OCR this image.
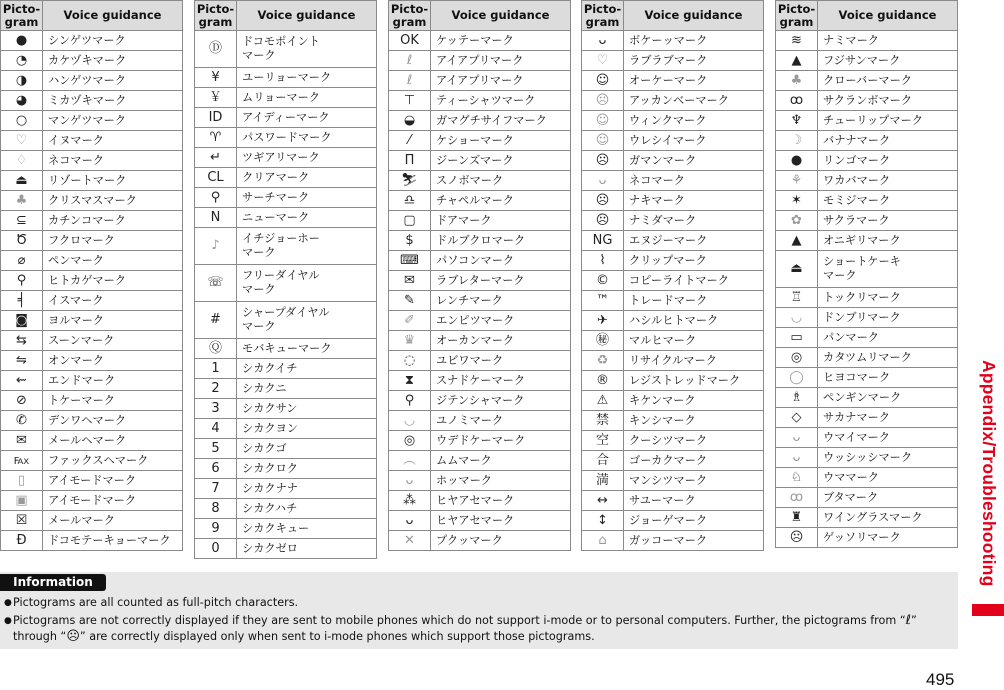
Picto-
gram	Voice guidance
●	シンゲツマーク
◔	カケヅキマーク
◑	ハンゲツマーク
◕	ミカヅキマーク
○	マンゲツマーク
♡	イヌマーク
♢	ネコマーク
⏏	リゾートマーク
♣	クリスマスマーク
⊆	カチンコマーク
Ծ	フクロマーク
⌀	ペンマーク
⚲	ヒトカゲマーク
╡	イスマーク
◙	ヨルマーク
⇆	スーンマーク
⇋	オンマーク
⇜	エンドマーク
⊘	トケーマーク
✆	デンワヘマーク
✉	メールヘマーク
℻	ファックスヘマーク
▯	アイモードマーク
▣	アイモードマーク
☒	メールマーク
Ð	ドコモテーキョーマーク
Picto-
gram	Voice guidance
Ⓓ	ドコモポイント
マーク
¥	ユーリョーマーク
￥	ムリョーマーク
ⅠⅮ	アイディーマーク
♈	パスワードマーク
↵	ツギアリマーク
CL	クリアマーク
⚲	サーチマーク
N	ニューマーク
♪	イチジョーホー
マーク
☏	フリーダイヤル
マーク
#	シャープダイヤル
マーク
Ⓠ	モバキューマーク
1	シカクイチ
2	シカクニ
3	シカクサン
4	シカクヨン
5	シカクゴ
6	シカクロク
7	シカクナナ
8	シカクハチ
9	シカクキュー
0	シカクゼロ
Picto-
gram	Voice guidance
OK	ケッテーマーク
ℓ	アイアプリマーク
ℓ	アイアプリマーク
⊤	ティーシャツマーク
◒	ガマグチサイフマーク
⁄	ケショーマーク
Π	ジーンズマーク
⛷	スノボマーク
♎	チャペルマーク
▢	ドアマーク
$	ドルブクロマーク
⌨	パソコンマーク
✉	ラブレターマーク
✎	レンチマーク
✐	エンピツマーク
♛	オーカンマーク
◌	ユビワマーク
⧗	スナドケーマーク
⚲	ジテンシャマーク
◡	ユノミマーク
◎	ウデドケーマーク
︵	ムムマーク
ᴗ	ホッマーク
⁂	ヒヤアセマーク
ᴗ	ヒヤアセマーク
✕	プクッマーク
Picto-
gram	Voice guidance
ᴗ	ボケーッマーク
♡	ラブラブマーク
☺	オーケーマーク
☹	アッカンベーマーク
☺	ウィンクマーク
☺	ウレシイマーク
☹	ガマンマーク
ᴗ	ネコマーク
☹	ナキマーク
☹	ナミダマーク
NG	エヌジーマーク
⌇	クリップマーク
©	コピーライトマーク
™	トレードマーク
✈	ハシルヒトマーク
㊙	マルヒマーク
♻	リサイクルマーク
®	レジストレッドマーク
⚠	キケンマーク
禁	キンシマーク
空	クーシツマーク
合	ゴーカクマーク
満	マンシツマーク
↔	サユーマーク
↕	ジョーゲマーク
⌂	ガッコーマーク
Picto-
gram	Voice guidance
≋	ナミマーク
▲	フジサンマーク
♣	クローバーマーク
ꝏ	サクランボマーク
♆	チューリップマーク
☽	バナナマーク
●	リンゴマーク
⚘	ワカバマーク
✶	モミジマーク
✿	サクラマーク
▲	オニギリマーク
⏏	ショートケーキ
マーク
♖	トックリマーク
◡	ドンブリマーク
▭	パンマーク
◎	カタツムリマーク
◯	ヒヨコマーク
♗	ペンギンマーク
◇	サカナマーク
ᴗ	ウマイマーク
ᴗ	ウッシッシマーク
♘	ウママーク
ꝏ	ブタマーク
♜	ワイングラスマーク
☹	ゲッソリマーク	Appendix/Troubleshooting
Information
● Pictograms are all counted as full-pitch characters.
● Pictograms are not correctly displayed if they are sent to mobile phones which do not support i-mode or to personal computers. Further, the pictograms from “ℓ” through “☹” are correctly displayed only when sent to i-mode phones which support those pictograms.
495
